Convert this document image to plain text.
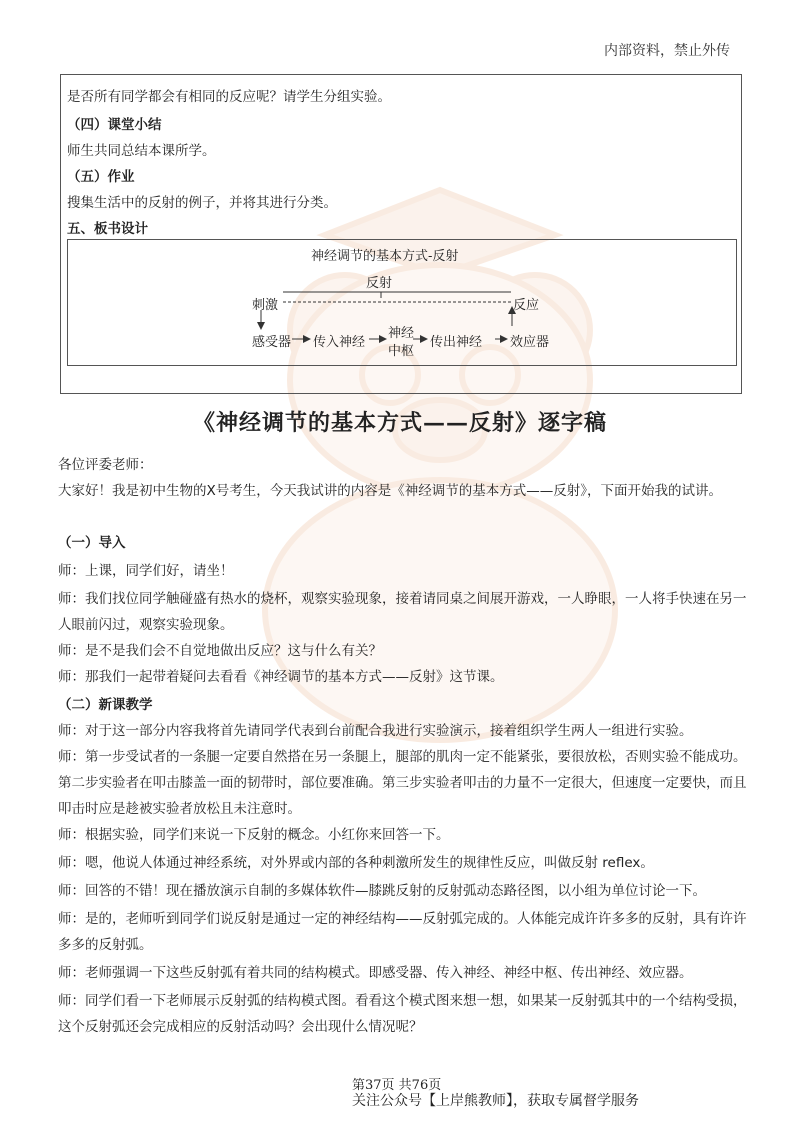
内部资料，禁止外传
是否所有同学都会有相同的反应呢？请学生分组实验。
（四）课堂小结
师生共同总结本课所学。
（五）作业
搜集生活中的反射的例子，并将其进行分类。
五、板书设计
神经调节的基本方式-反射
反射
刺激	反应
感受器 传入神经
神经
中枢
传出神经 效应器
《神经调节的基本方式——反射》逐字稿
各位评委老师：
大家好！我是初中生物的X号考生，今天我试讲的内容是《神经调节的基本方式——反射》，下面开始我的试讲。
（一）导入
师：上课，同学们好，请坐！
师：我们找位同学触碰盛有热水的烧杯，观察实验现象，接着请同桌之间展开游戏，一人睁眼，一人将手快速在另一人眼前闪过，观察实验现象。
师：是不是我们会不自觉地做出反应？这与什么有关？
师：那我们一起带着疑问去看看《神经调节的基本方式——反射》这节课。
（二）新课教学
师：对于这一部分内容我将首先请同学代表到台前配合我进行实验演示，接着组织学生两人一组进行实验。
师：第一步受试者的一条腿一定要自然搭在另一条腿上，腿部的肌肉一定不能紧张，要很放松，否则实验不能成功。第二步实验者在叩击膝盖一面的韧带时，部位要准确。第三步实验者叩击的力量不一定很大，但速度一定要快，而且叩击时应是趁被实验者放松且未注意时。
师：根据实验，同学们来说一下反射的概念。小红你来回答一下。
师：嗯，他说人体通过神经系统，对外界或内部的各种刺激所发生的规律性反应，叫做反射 reflex。
师：回答的不错！现在播放演示自制的多媒体软件—膝跳反射的反射弧动态路径图，以小组为单位讨论一下。
师：是的，老师听到同学们说反射是通过一定的神经结构——反射弧完成的。人体能完成许许多多的反射，具有许许多多的反射弧。
师：老师强调一下这些反射弧有着共同的结构模式。即感受器、传入神经、神经中枢、传出神经、效应器。
师：同学们看一下老师展示反射弧的结构模式图。看看这个模式图来想一想，如果某一反射弧其中的一个结构受损，这个反射弧还会完成相应的反射活动吗？会出现什么情况呢？
第37页 共76页
关注公众号【上岸熊教师】，获取专属督学服务
